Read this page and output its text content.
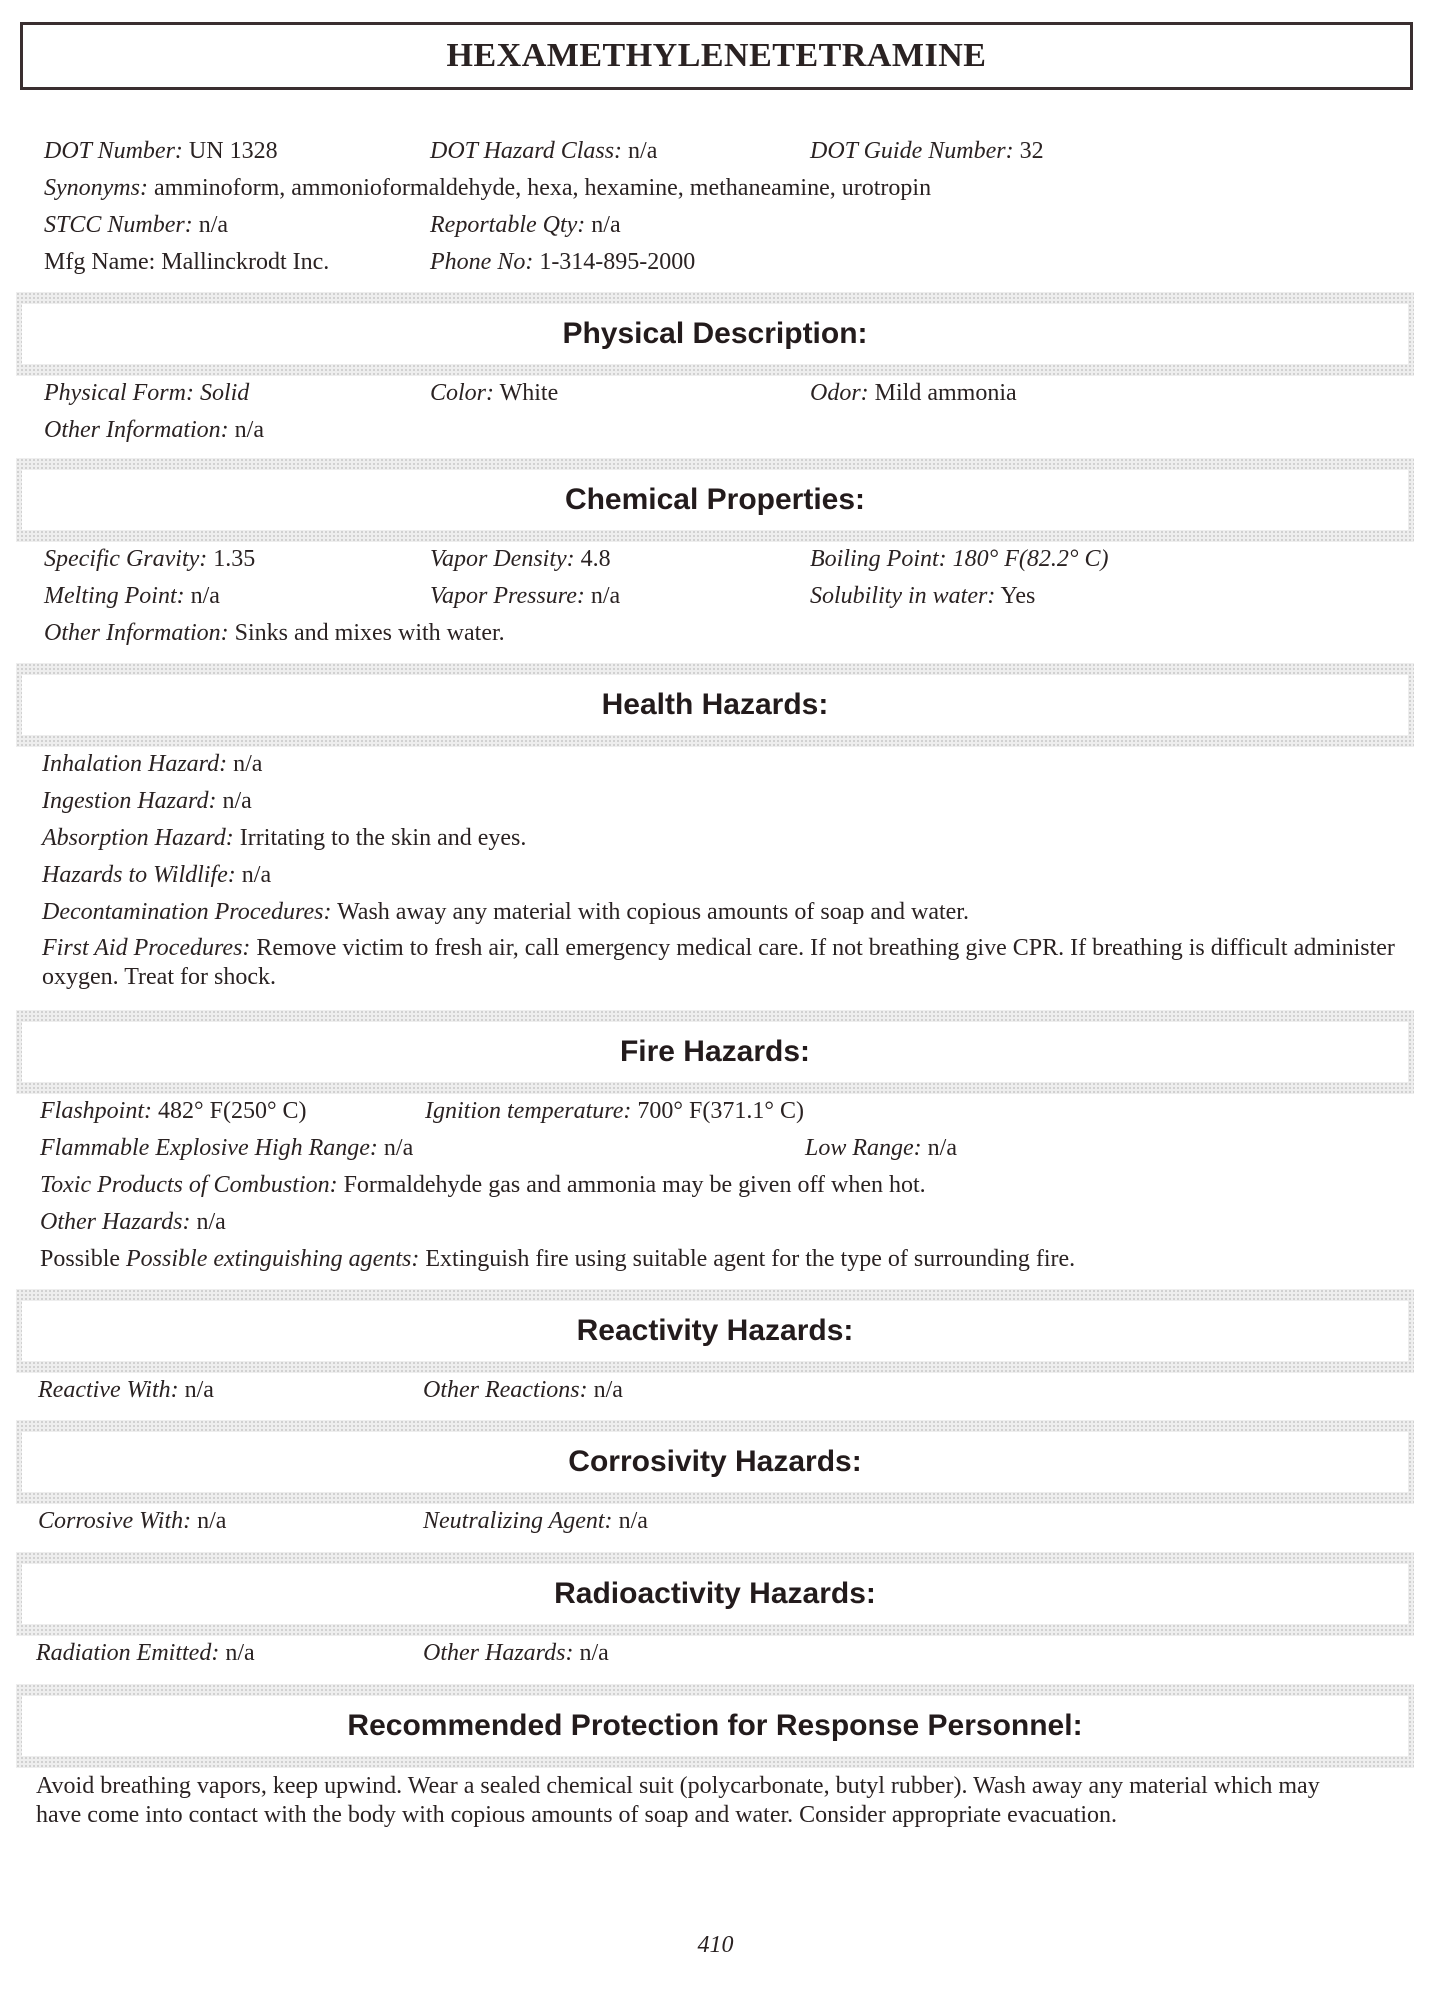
HEXAMETHYLENETETRAMINE
DOT Number: UN 1328	DOT Hazard Class: n/a	DOT Guide Number: 32
Synonyms: amminoform, ammonioformaldehyde, hexa, hexamine, methaneamine, urotropin
STCC Number: n/a	Reportable Qty: n/a
Mfg Name: Mallinckrodt Inc.	Phone No: 1-314-895-2000
Physical Description:
Physical Form: Solid	Color: White	Odor: Mild ammonia
Other Information: n/a
Chemical Properties:
Specific Gravity: 1.35	Vapor Density: 4.8	Boiling Point: 180° F(82.2° C)
Melting Point: n/a	Vapor Pressure: n/a	Solubility in water: Yes
Other Information: Sinks and mixes with water.
Health Hazards:
Inhalation Hazard: n/a
Ingestion Hazard: n/a
Absorption Hazard: Irritating to the skin and eyes.
Hazards to Wildlife: n/a
Decontamination Procedures: Wash away any material with copious amounts of soap and water.
First Aid Procedures: Remove victim to fresh air, call emergency medical care. If not breathing give CPR. If breathing is difficult administer oxygen. Treat for shock.
Fire Hazards:
Flashpoint: 482° F(250° C)	Ignition temperature: 700° F(371.1° C)
Flammable Explosive High Range: n/a	Low Range: n/a
Toxic Products of Combustion: Formaldehyde gas and ammonia may be given off when hot.
Other Hazards: n/a
Possible Possible extinguishing agents: Extinguish fire using suitable agent for the type of surrounding fire.
Reactivity Hazards:
Reactive With: n/a	Other Reactions: n/a
Corrosivity Hazards:
Corrosive With: n/a	Neutralizing Agent: n/a
Radioactivity Hazards:
Radiation Emitted: n/a	Other Hazards: n/a
Recommended Protection for Response Personnel:
Avoid breathing vapors, keep upwind. Wear a sealed chemical suit (polycarbonate, butyl rubber). Wash away any material which may have come into contact with the body with copious amounts of soap and water. Consider appropriate evacuation.
410
